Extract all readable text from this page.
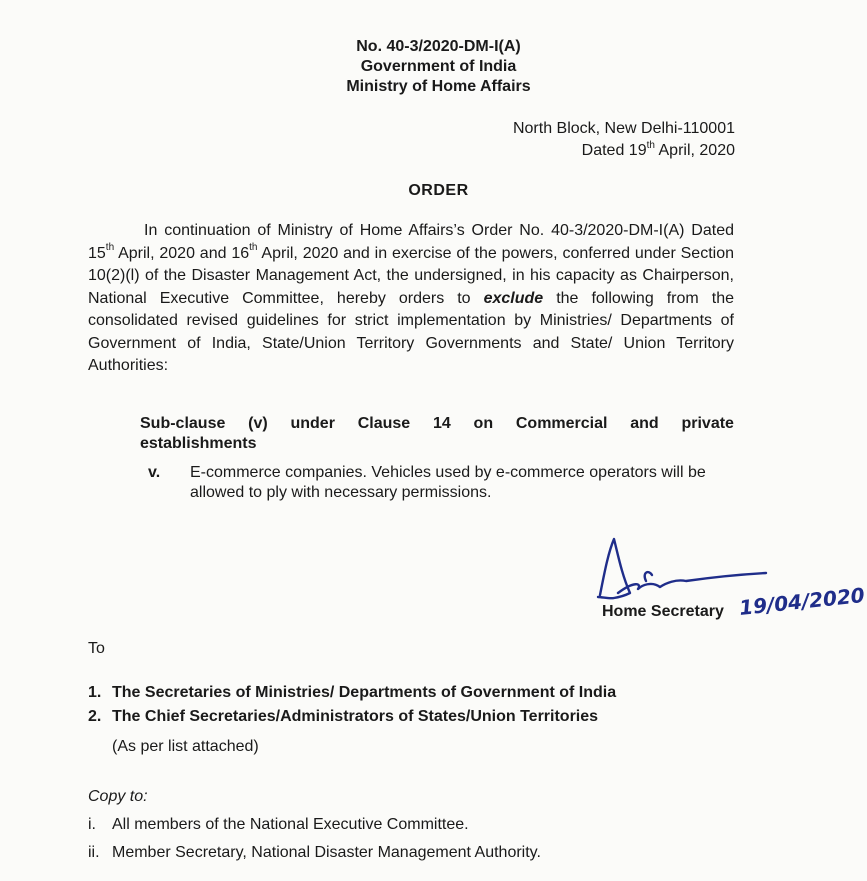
No. 40-3/2020-DM-I(A)
Government of India
Ministry of Home Affairs
North Block, New Delhi-110001
Dated 19th April, 2020
ORDER
In continuation of Ministry of Home Affairs’s Order No. 40-3/2020-DM-I(A) Dated 15th April, 2020 and 16th April, 2020 and in exercise of the powers, conferred under Section 10(2)(l) of the Disaster Management Act, the undersigned, in his capacity as Chairperson, National Executive Committee, hereby orders to exclude the following from the consolidated revised guidelines for strict implementation by Ministries/ Departments of Government of India, State/Union Territory Governments and State/ Union Territory Authorities:
Sub-clause (v) under Clause 14 on Commercial and private
establishments
v.	E-commerce companies. Vehicles used by e-commerce operators will be allowed to ply with necessary permissions.
19/04/2020
Home Secretary
To
1. The Secretaries of Ministries/ Departments of Government of India
2. The Chief Secretaries/Administrators of States/Union Territories
(As per list attached)
Copy to:
i.	All members of the National Executive Committee.
ii. Member Secretary, National Disaster Management Authority.
